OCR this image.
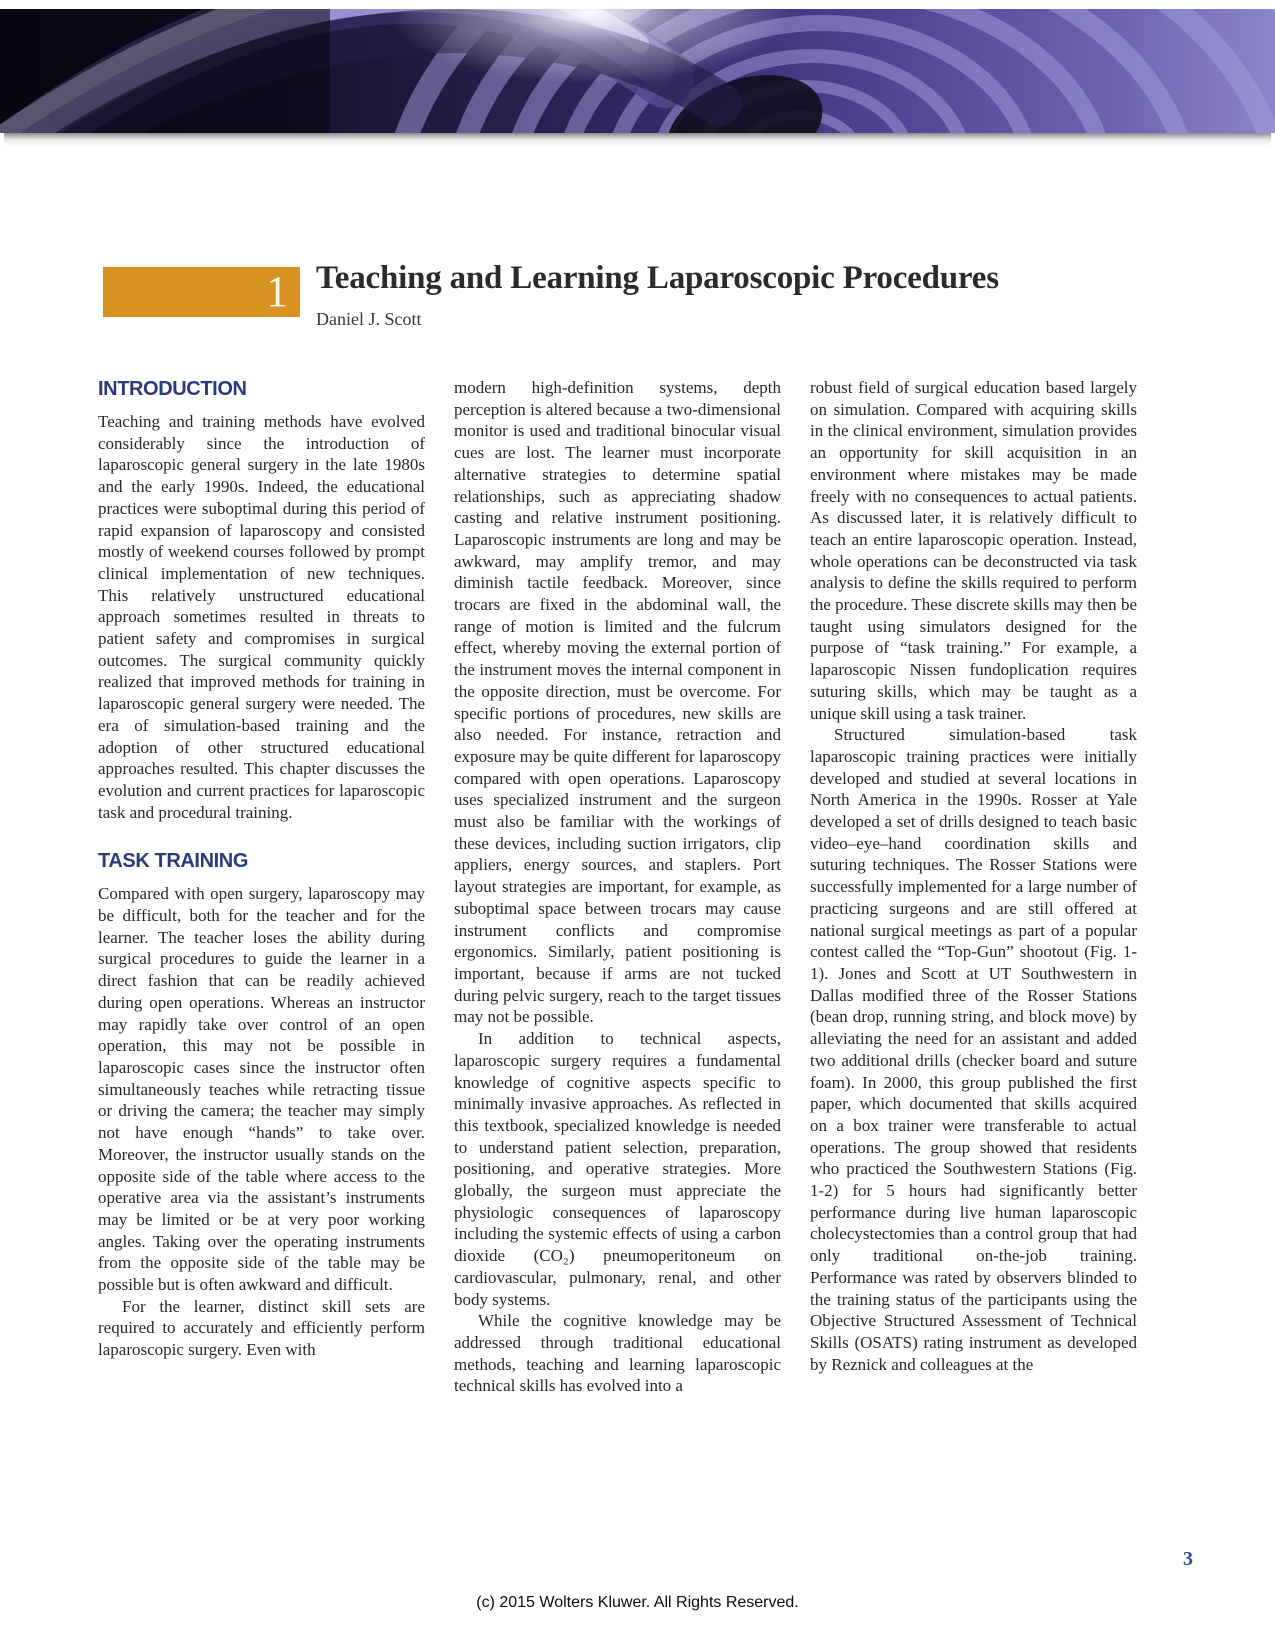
1 Teaching and Learning Laparoscopic Procedures

Daniel J. Scott

INTRODUCTION

Teaching and training methods have evolved considerably since the introduction of laparoscopic general surgery in the late 1980s and the early 1990s. Indeed, the educational practices were suboptimal during this period of rapid expansion of laparoscopy and consisted mostly of weekend courses followed by prompt clinical implementation of new techniques. This relatively unstructured educational approach sometimes resulted in threats to patient safety and compromises in surgical outcomes. The surgical community quickly realized that improved methods for training in laparoscopic general surgery were needed. The era of simulation-based training and the adoption of other structured educational approaches resulted. This chapter discusses the evolution and current practices for laparoscopic task and procedural training.

TASK TRAINING

Compared with open surgery, laparoscopy may be difficult, both for the teacher and for the learner. The teacher loses the ability during surgical procedures to guide the learner in a direct fashion that can be readily achieved during open operations. Whereas an instructor may rapidly take over control of an open operation, this may not be possible in laparoscopic cases since the instructor often simultaneously teaches while retracting tissue or driving the camera; the teacher may simply not have enough “hands” to take over. Moreover, the instructor usually stands on the opposite side of the table where access to the operative area via the assistant’s instruments may be limited or be at very poor working angles. Taking over the operating instruments from the opposite side of the table may be possible but is often awkward and difficult.

For the learner, distinct skill sets are required to accurately and efficiently perform laparoscopic surgery. Even with

modern high-definition systems, depth perception is altered because a two-dimensional monitor is used and traditional binocular visual cues are lost. The learner must incorporate alternative strategies to determine spatial relationships, such as appreciating shadow casting and relative instrument positioning. Laparoscopic instruments are long and may be awkward, may amplify tremor, and may diminish tactile feedback. Moreover, since trocars are fixed in the abdominal wall, the range of motion is limited and the fulcrum effect, whereby moving the external portion of the instrument moves the internal component in the opposite direction, must be overcome. For specific portions of procedures, new skills are also needed. For instance, retraction and exposure may be quite different for laparoscopy compared with open operations. Laparoscopy uses specialized instrument and the surgeon must also be familiar with the workings of these devices, including suction irrigators, clip appliers, energy sources, and staplers. Port layout strategies are important, for example, as suboptimal space between trocars may cause instrument conflicts and compromise ergonomics. Similarly, patient positioning is important, because if arms are not tucked during pelvic surgery, reach to the target tissues may not be possible.

In addition to technical aspects, laparoscopic surgery requires a fundamental knowledge of cognitive aspects specific to minimally invasive approaches. As reflected in this textbook, specialized knowledge is needed to understand patient selection, preparation, positioning, and operative strategies. More globally, the surgeon must appreciate the physiologic consequences of laparoscopy including the systemic effects of using a carbon dioxide (CO₂) pneumoperitoneum on cardiovascular, pulmonary, renal, and other body systems.

While the cognitive knowledge may be addressed through traditional educational methods, teaching and learning laparoscopic technical skills has evolved into a

robust field of surgical education based largely on simulation. Compared with acquiring skills in the clinical environment, simulation provides an opportunity for skill acquisition in an environment where mistakes may be made freely with no consequences to actual patients. As discussed later, it is relatively difficult to teach an entire laparoscopic operation. Instead, whole operations can be deconstructed via task analysis to define the skills required to perform the procedure. These discrete skills may then be taught using simulators designed for the purpose of “task training.” For example, a laparoscopic Nissen fundoplication requires suturing skills, which may be taught as a unique skill using a task trainer.

Structured simulation-based task laparoscopic training practices were initially developed and studied at several locations in North America in the 1990s. Rosser at Yale developed a set of drills designed to teach basic video–eye–hand coordination skills and suturing techniques. The Rosser Stations were successfully implemented for a large number of practicing surgeons and are still offered at national surgical meetings as part of a popular contest called the “Top-Gun” shootout (Fig. 1-1). Jones and Scott at UT Southwestern in Dallas modified three of the Rosser Stations (bean drop, running string, and block move) by alleviating the need for an assistant and added two additional drills (checker board and suture foam). In 2000, this group published the first paper, which documented that skills acquired on a box trainer were transferable to actual operations. The group showed that residents who practiced the Southwestern Stations (Fig. 1-2) for 5 hours had significantly better performance during live human laparoscopic cholecystectomies than a control group that had only traditional on-the-job training. Performance was rated by observers blinded to the training status of the participants using the Objective Structured Assessment of Technical Skills (OSATS) rating instrument as developed by Reznick and colleagues at the

3
(c) 2015 Wolters Kluwer. All Rights Reserved.
